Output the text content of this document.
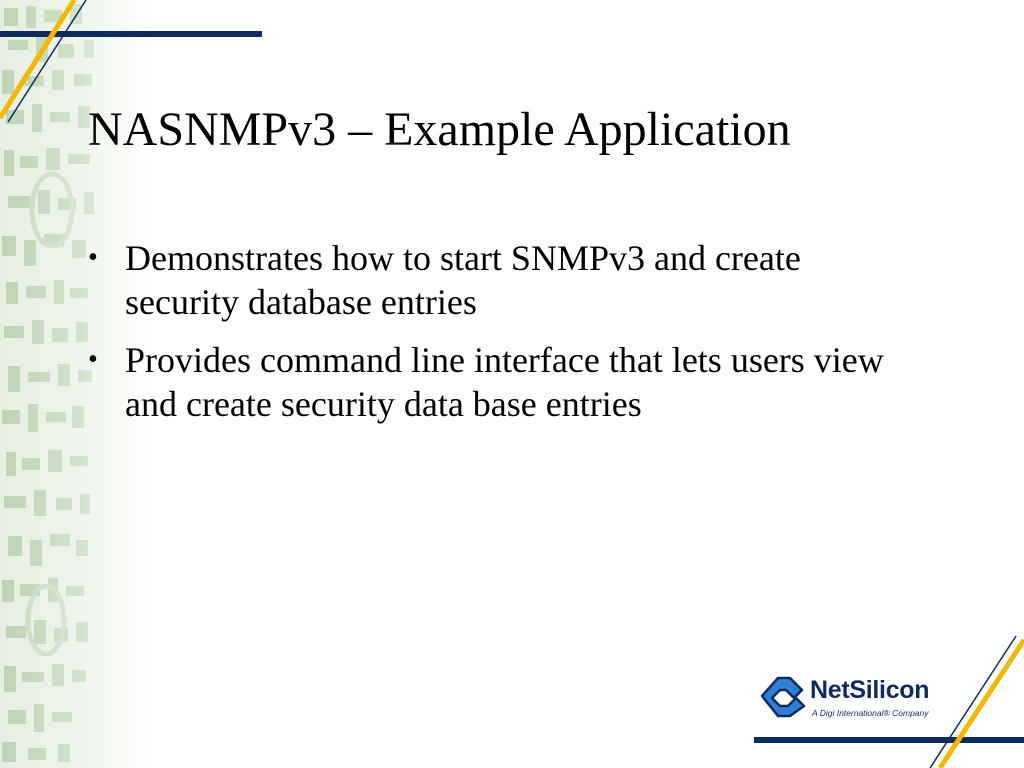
NASNMPv3 – Example Application
• Demonstrates how to start SNMPv3 and create security database entries
• Provides command line interface that lets users view and create security data base entries
NetSilicon
A Digi International® Company
